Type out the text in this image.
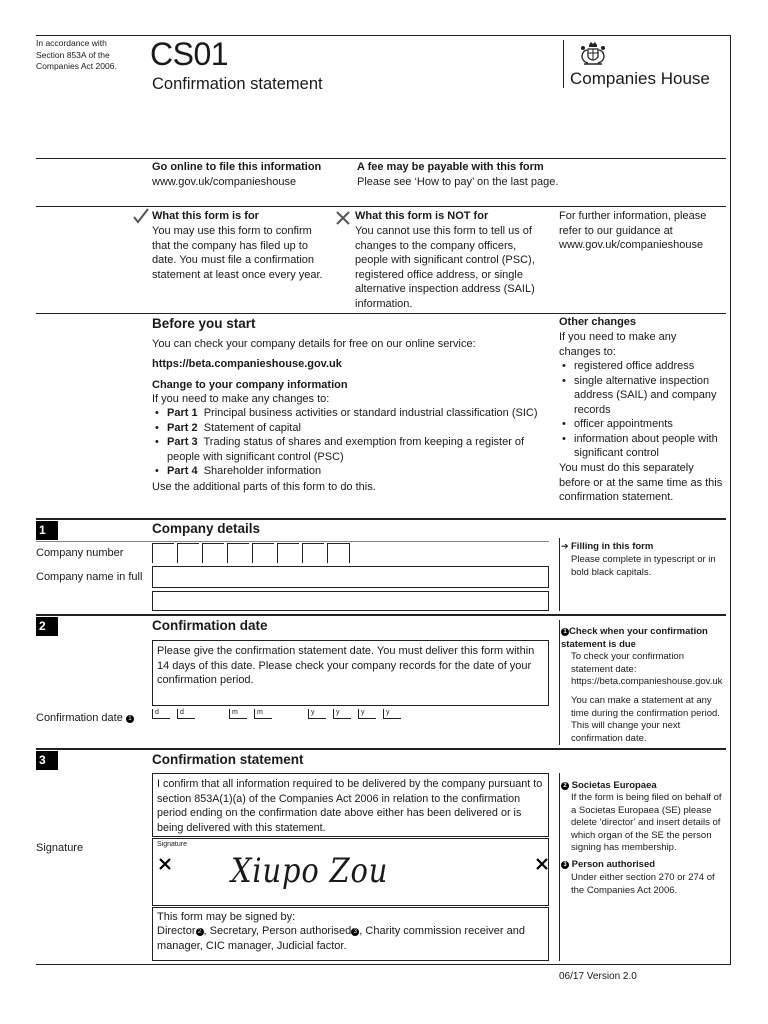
In accordance with Section 853A of the Companies Act 2006.	CS01
Confirmation statement	Companies House
Go online to file this information
www.gov.uk/companieshouse
A fee may be payable with this form
Please see ‘How to pay’ on the last page.
What this form is for
You may use this form to confirm that the company has filed up to date. You must file a confirmation statement at least once every year.
What this form is NOT for
You cannot use this form to tell us of changes to the company officers, people with significant control (PSC), registered office address, or single alternative inspection address (SAIL) information.
For further information, please refer to our guidance at www.gov.uk/companieshouse
Before you start
You can check your company details for free on our online service:
https://beta.companieshouse.gov.uk
Change to your company information
If you need to make any changes to:
• Part 1 Principal business activities or standard industrial classification (SIC)
• Part 2 Statement of capital
• Part 3 Trading status of shares and exemption from keeping a register of people with significant control (PSC)
• Part 4 Shareholder information
Use the additional parts of this form to do this.
Other changes
If you need to make any changes to:
• registered office address
• single alternative inspection address (SAIL) and company records
• officer appointments
• information about people with significant control
You must do this separately before or at the same time as this confirmation statement.
1	Company details
Company number
Company name in full
➔ Filling in this form
Please complete in typescript or in bold black capitals.
2	Confirmation date
Please give the confirmation statement date. You must deliver this form within 14 days of this date. Please check your company records for the date of your confirmation period.
Confirmation date 1
d	d	m	m	y	y	y	y
1 Check when your confirmation statement is due
To check your confirmation statement date: https://beta.companieshouse.gov.uk
You can make a statement at any time during the confirmation period. This will change your next confirmation date.
3	Confirmation statement
I confirm that all information required to be delivered by the company pursuant to section 853A(1)(a) of the Companies Act 2006 in relation to the confirmation period ending on the confirmation date above either has been delivered or is being delivered with this statement.
Signature	Signature
Xiupo Zou
This form may be signed by:
Director 2 , Secretary, Person authorised 3 , Charity commission receiver and manager, CIC manager, Judicial factor.
2 Societas Europaea
If the form is being filed on behalf of a Societas Europaea (SE) please delete ‘director’ and insert details of which organ of the SE the person signing has membership.
3 Person authorised
Under either section 270 or 274 of the Companies Act 2006.
06/17 Version 2.0
